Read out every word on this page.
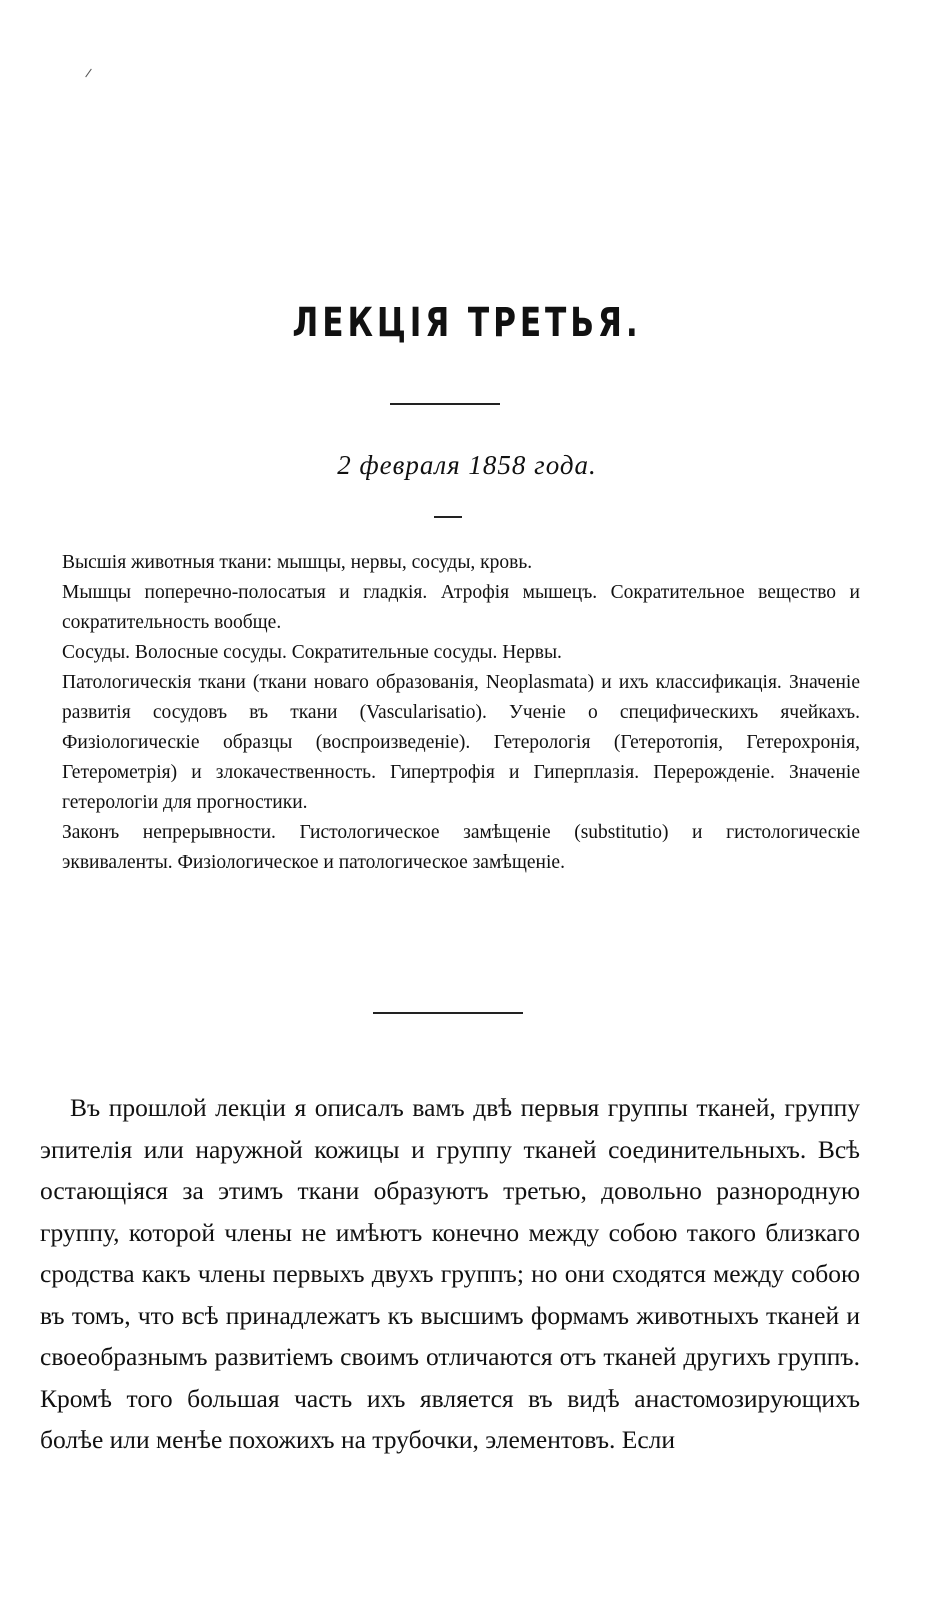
ЛЕКЦІЯ ТРЕТЬЯ.

2 февраля 1858 года.

Высшія животныя ткани: мышцы, нервы, сосуды, кровь.

Мышцы поперечно-полосатыя и гладкія. Атрофія мышецъ. Сократительное вещество и сократительность вообще.

Сосуды. Волосные сосуды. Сократительные сосуды. Нервы.

Патологическія ткани (ткани новаго образованія, Neoplasmata) и ихъ классификація. Значеніе развитія сосудовъ въ ткани (Vascularisatio). Ученіе о специфическихъ ячейкахъ. Физіологическіе образцы (воспроизведеніе). Гетерологія (Гетеротопія, Гетерохронія, Гетерометрія) и злокачественность. Гипертрофія и Гиперплазія. Перерожденіе. Значеніе гетерологіи для прогностики.

Законъ непрерывности. Гистологическое замѣщеніе (substitutio) и гистологическіе эквиваленты. Физіологическое и патологическое замѣщеніе.

Въ прошлой лекціи я описалъ вамъ двѣ первыя группы тканей, группу эпителія или наружной кожицы и группу тканей соединительныхъ. Всѣ остающіяся за этимъ ткани образуютъ третью, довольно разнородную группу, которой члены не имѣютъ конечно между собою такого близкаго сродства какъ члены первыхъ двухъ группъ; но они сходятся между собою въ томъ, что всѣ принадлежатъ къ высшимъ формамъ животныхъ тканей и своеобразнымъ развитіемъ своимъ отличаются отъ тканей другихъ группъ. Кромѣ того большая часть ихъ является въ видѣ анастомозирующихъ болѣе или менѣе похожихъ на трубочки, элементовъ. Если
